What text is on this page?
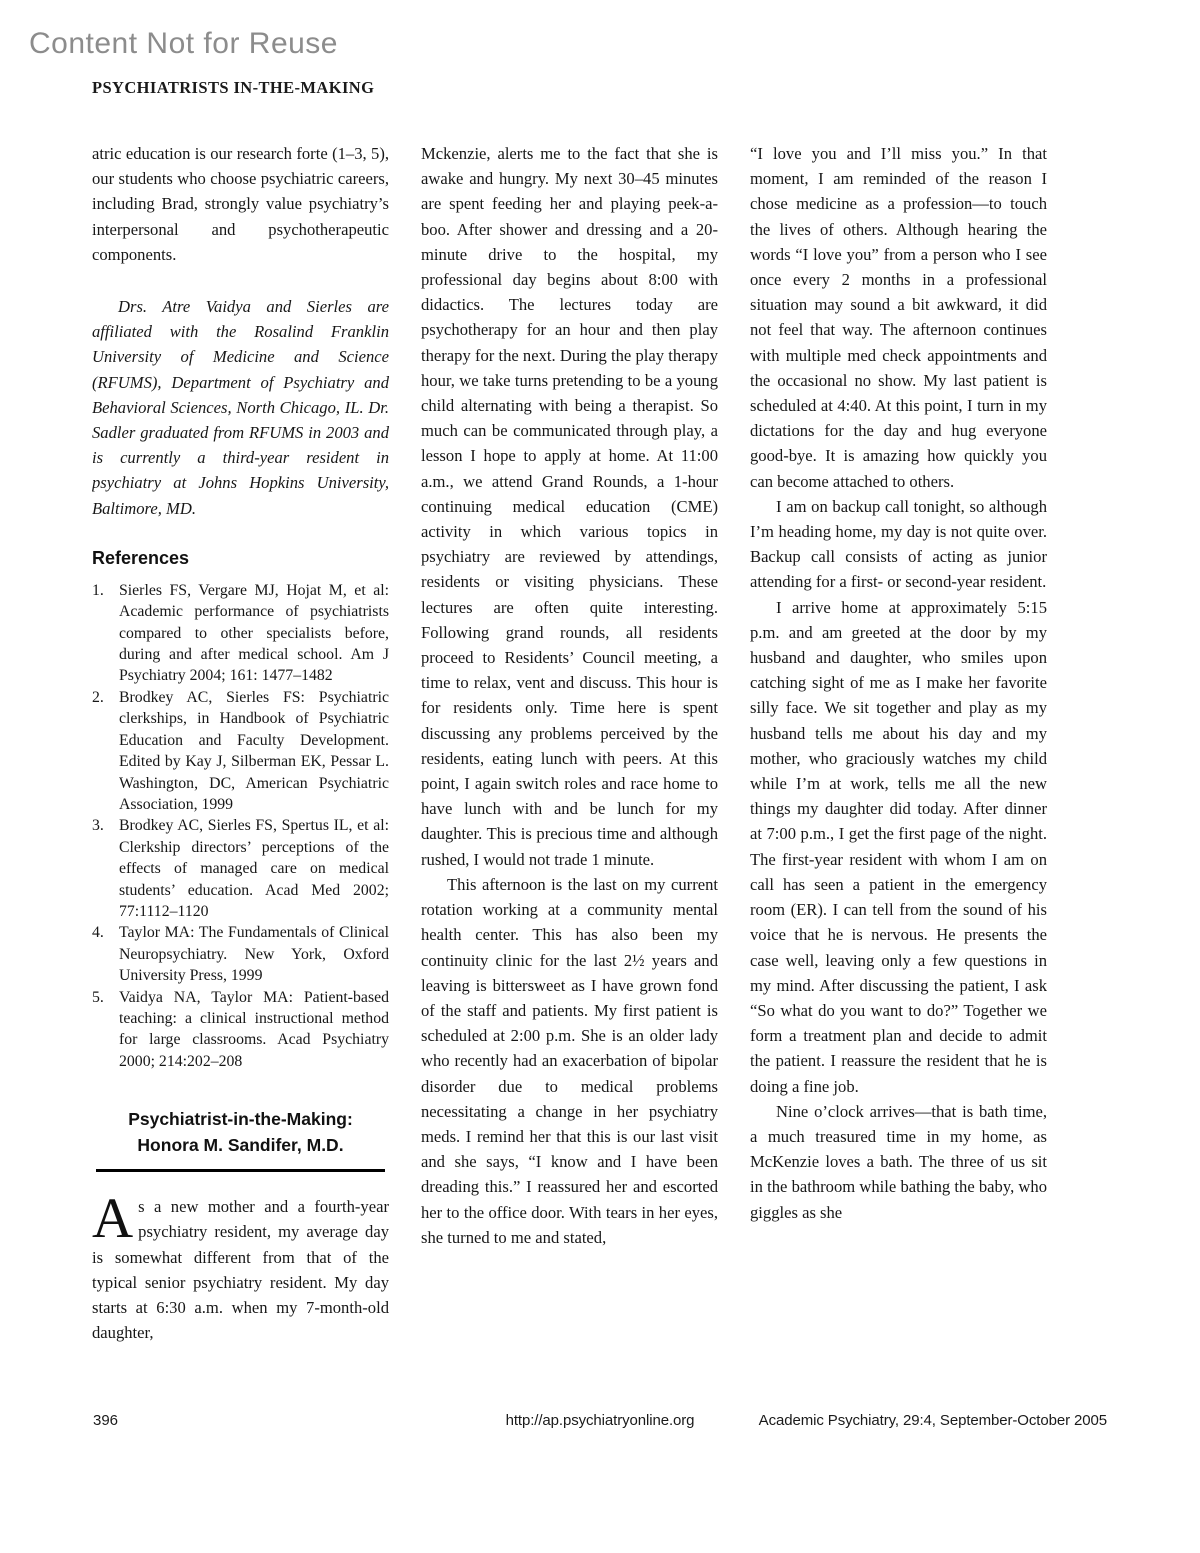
Content Not for Reuse
PSYCHIATRISTS IN-THE-MAKING

atric education is our research forte (1–3, 5), our students who choose psychiatric careers, including Brad, strongly value psychiatry’s interpersonal and psychotherapeutic components.

Drs. Atre Vaidya and Sierles are affiliated with the Rosalind Franklin University of Medicine and Science (RFUMS), Department of Psychiatry and Behavioral Sciences, North Chicago, IL. Dr. Sadler graduated from RFUMS in 2003 and is currently a third-year resident in psychiatry at Johns Hopkins University, Baltimore, MD.

References
1. Sierles FS, Vergare MJ, Hojat M, et al: Academic performance of psychiatrists compared to other specialists before, during and after medical school. Am J Psychiatry 2004; 161: 1477–1482
2. Brodkey AC, Sierles FS: Psychiatric clerkships, in Handbook of Psychiatric Education and Faculty Development. Edited by Kay J, Silberman EK, Pessar L. Washington, DC, American Psychiatric Association, 1999
3. Brodkey AC, Sierles FS, Spertus IL, et al: Clerkship directors’ perceptions of the effects of managed care on medical students’ education. Acad Med 2002; 77:1112–1120
4. Taylor MA: The Fundamentals of Clinical Neuropsychiatry. New York, Oxford University Press, 1999
5. Vaidya NA, Taylor MA: Patient-based teaching: a clinical instructional method for large classrooms. Acad Psychiatry 2000; 214:202–208
Psychiatrist-in-the-Making:
Honora M. Sandifer, M.D.

As a new mother and a fourth-year psychiatry resident, my average day is somewhat different from that of the typical senior psychiatry resident. My day starts at 6:30 a.m. when my 7-month-old daughter,

Mckenzie, alerts me to the fact that she is awake and hungry. My next 30–45 minutes are spent feeding her and playing peek-a-boo. After shower and dressing and a 20-minute drive to the hospital, my professional day begins about 8:00 with didactics. The lectures today are psychotherapy for an hour and then play therapy for the next. During the play therapy hour, we take turns pretending to be a young child alternating with being a therapist. So much can be communicated through play, a lesson I hope to apply at home. At 11:00 a.m., we attend Grand Rounds, a 1-hour continuing medical education (CME) activity in which various topics in psychiatry are reviewed by attendings, residents or visiting physicians. These lectures are often quite interesting. Following grand rounds, all residents proceed to Residents’ Council meeting, a time to relax, vent and discuss. This hour is for residents only. Time here is spent discussing any problems perceived by the residents, eating lunch with peers. At this point, I again switch roles and race home to have lunch with and be lunch for my daughter. This is precious time and although rushed, I would not trade 1 minute.

This afternoon is the last on my current rotation working at a community mental health center. This has also been my continuity clinic for the last 2½ years and leaving is bittersweet as I have grown fond of the staff and patients. My first patient is scheduled at 2:00 p.m. She is an older lady who recently had an exacerbation of bipolar disorder due to medical problems necessitating a change in her psychiatry meds. I remind her that this is our last visit and she says, “I know and I have been dreading this.” I reassured her and escorted her to the office door. With tears in her eyes, she turned to me and stated,

“I love you and I’ll miss you.” In that moment, I am reminded of the reason I chose medicine as a profession—to touch the lives of others. Although hearing the words “I love you” from a person who I see once every 2 months in a professional situation may sound a bit awkward, it did not feel that way. The afternoon continues with multiple med check appointments and the occasional no show. My last patient is scheduled at 4:40. At this point, I turn in my dictations for the day and hug everyone good-bye. It is amazing how quickly you can become attached to others.

I am on backup call tonight, so although I’m heading home, my day is not quite over. Backup call consists of acting as junior attending for a first- or second-year resident.

I arrive home at approximately 5:15 p.m. and am greeted at the door by my husband and daughter, who smiles upon catching sight of me as I make her favorite silly face. We sit together and play as my husband tells me about his day and my mother, who graciously watches my child while I’m at work, tells me all the new things my daughter did today. After dinner at 7:00 p.m., I get the first page of the night. The first-year resident with whom I am on call has seen a patient in the emergency room (ER). I can tell from the sound of his voice that he is nervous. He presents the case well, leaving only a few questions in my mind. After discussing the patient, I ask “So what do you want to do?” Together we form a treatment plan and decide to admit the patient. I reassure the resident that he is doing a fine job.

Nine o’clock arrives—that is bath time, a much treasured time in my home, as McKenzie loves a bath. The three of us sit in the bathroom while bathing the baby, who giggles as she

396	http://ap.psychiatryonline.org	Academic Psychiatry, 29:4, September-October 2005
